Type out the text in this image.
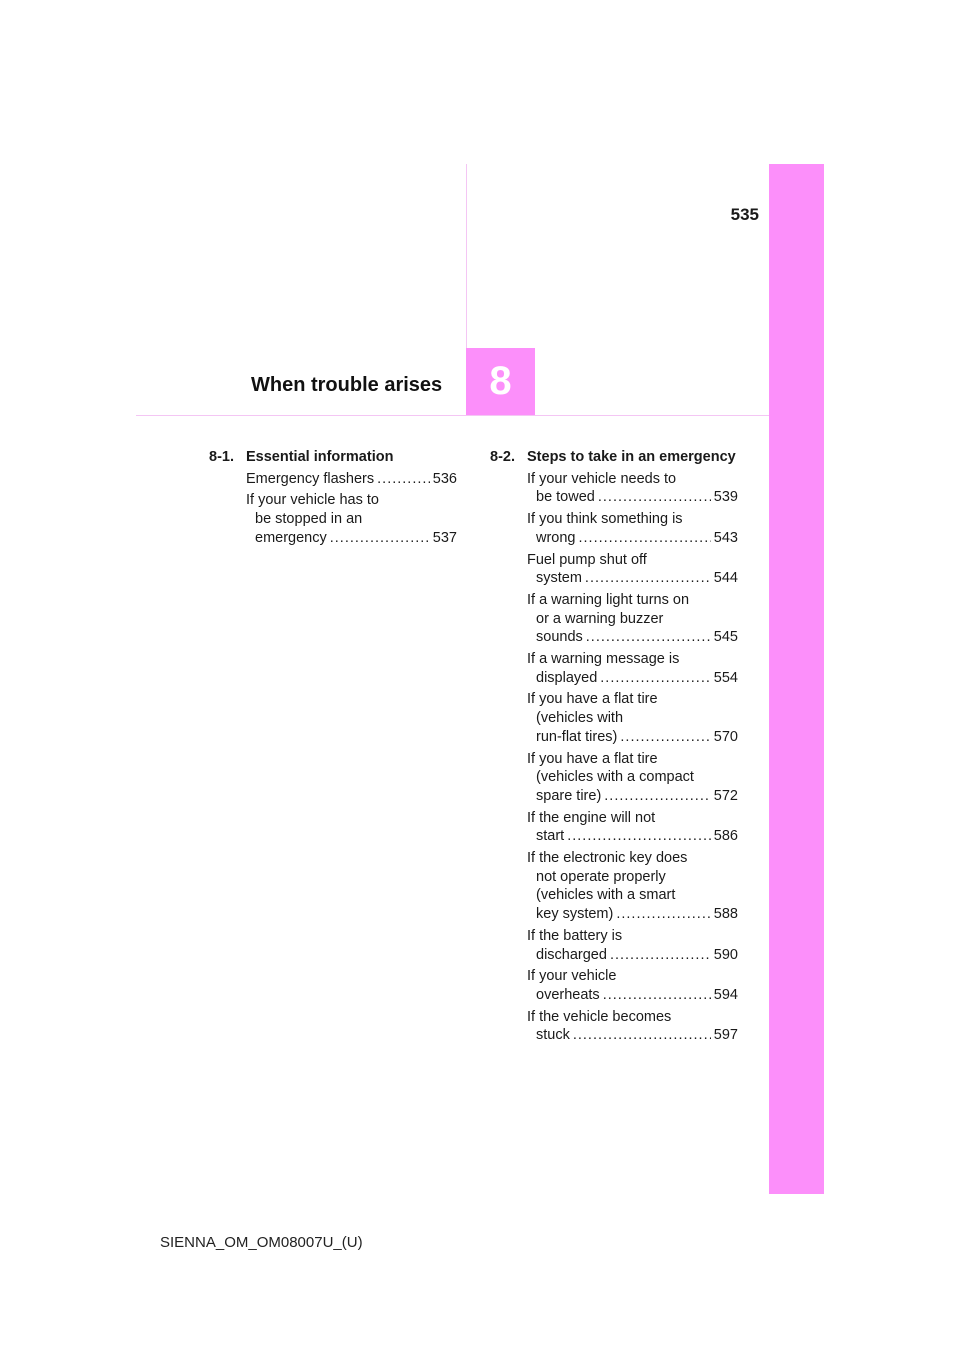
535
When trouble arises 8
8-1. Essential information
Emergency flashers .....	536
If your vehicle has to
be stopped in an
emergency .....	537
8-2. Steps to take in an emergency
If your vehicle needs to
be towed .....	539
If you think something is
wrong .....	543
Fuel pump shut off
system .....	544
If a warning light turns on
or a warning buzzer
sounds .....	545
If a warning message is
displayed .....	554
If you have a flat tire
(vehicles with
run-flat tires) .....	570
If you have a flat tire
(vehicles with a compact
spare tire) .....	572
If the engine will not
start .....	586
If the electronic key does
not operate properly
(vehicles with a smart
key system) .....	588
If the battery is
discharged .....	590
If your vehicle
overheats .....	594
If the vehicle becomes
stuck .....	597
SIENNA_OM_OM08007U_(U)
